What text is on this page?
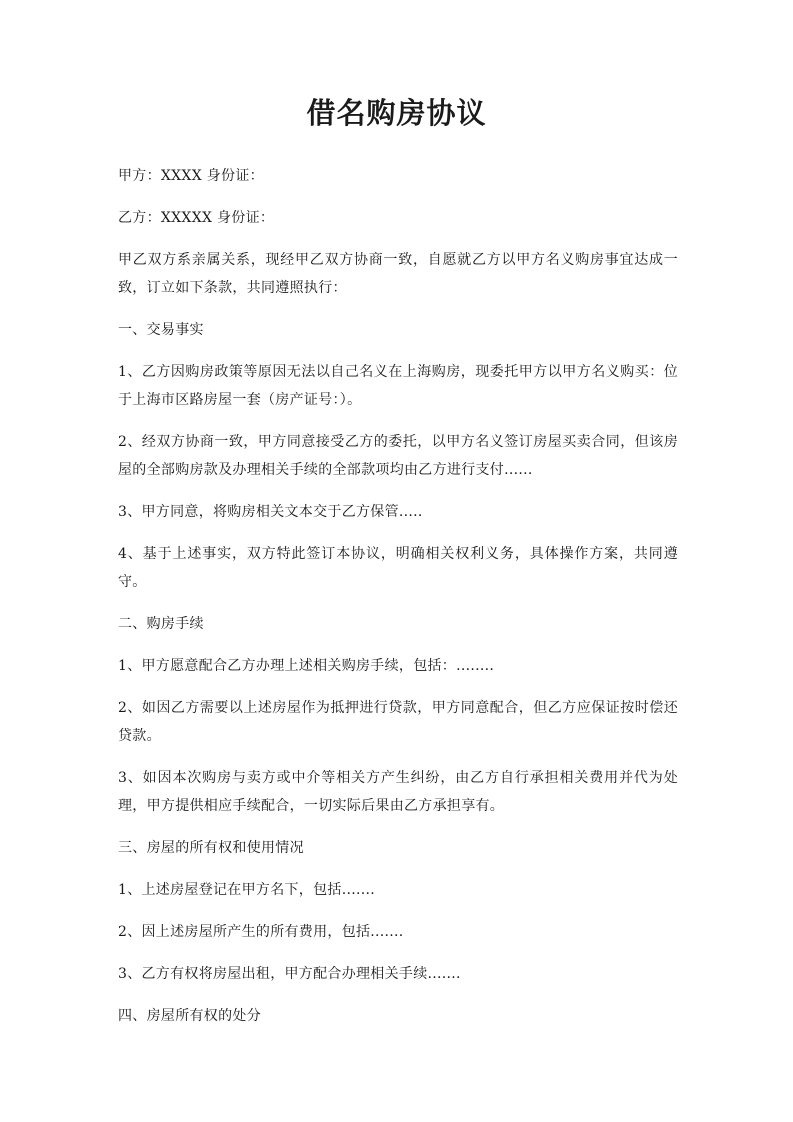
借名购房协议

甲方：XXXX 身份证：

乙方：XXXXX 身份证：

甲乙双方系亲属关系，现经甲乙双方协商一致，自愿就乙方以甲方名义购房事宜达成一致，订立如下条款，共同遵照执行：

一、交易事实

1、乙方因购房政策等原因无法以自己名义在上海购房，现委托甲方以甲方名义购买：位于上海市区路房屋一套（房产证号：）。

2、经双方协商一致，甲方同意接受乙方的委托，以甲方名义签订房屋买卖合同，但该房屋的全部购房款及办理相关手续的全部款项均由乙方进行支付......

3、甲方同意，将购房相关文本交于乙方保管.....

4、基于上述事实，双方特此签订本协议，明确相关权利义务，具体操作方案，共同遵守。

二、购房手续

1、甲方愿意配合乙方办理上述相关购房手续，包括：........

2、如因乙方需要以上述房屋作为抵押进行贷款，甲方同意配合，但乙方应保证按时偿还贷款。

3、如因本次购房与卖方或中介等相关方产生纠纷，由乙方自行承担相关费用并代为处理，甲方提供相应手续配合，一切实际后果由乙方承担享有。

三、房屋的所有权和使用情况

1、上述房屋登记在甲方名下，包括.......

2、因上述房屋所产生的所有费用，包括.......

3、乙方有权将房屋出租，甲方配合办理相关手续.......

四、房屋所有权的处分
